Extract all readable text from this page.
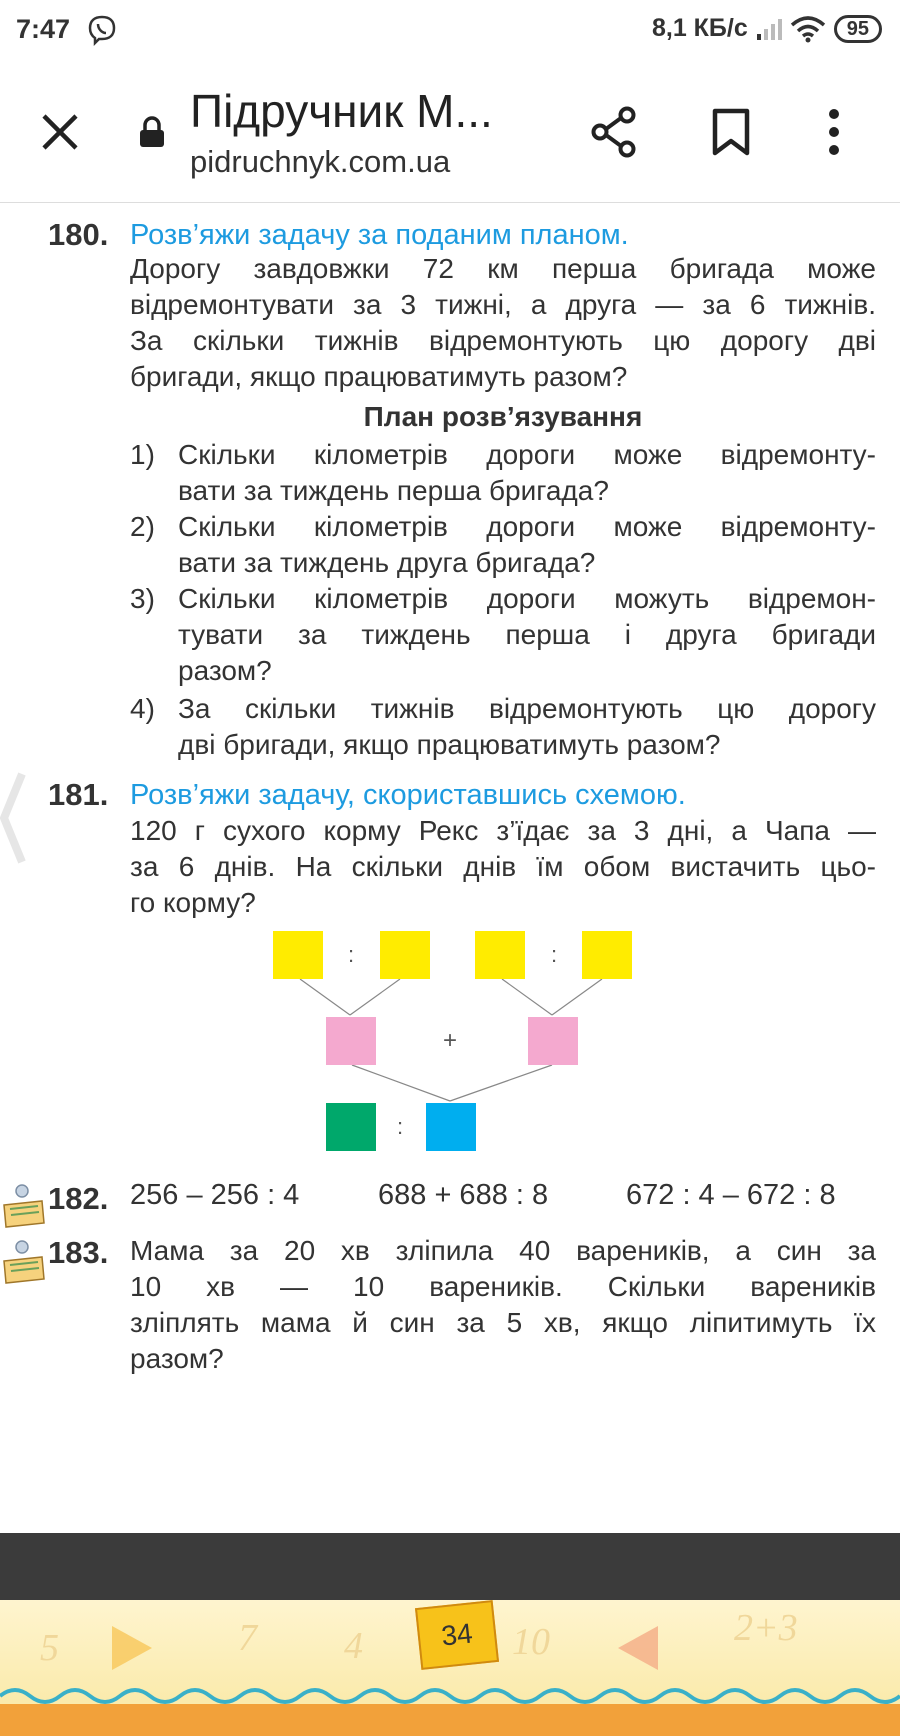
7:47	8,1 КБ/с	95
Підручник М...
pidruchnyk.com.ua
180. Розв’яжи задачу за поданим планом.
Дорогу завдовжки 72 км перша бригада може
відремонтувати за 3 тижні, а друга — за 6 тижнів.
За скільки тижнів відремонтують цю дорогу дві
бригади, якщо працюватимуть разом?
План розв’язування
1) Скільки кілометрів дороги може відремонту-
вати за тиждень перша бригада?
2) Скільки кілометрів дороги може відремонту-
вати за тиждень друга бригада?
3) Скільки кілометрів дороги можуть відремон-
тувати за тиждень перша і друга бригади
разом?
4) За скільки тижнів відремонтують цю дорогу
дві бригади, якщо працюватимуть разом?
181. Розв’яжи задачу, скориставшись схемою.
120 г сухого корму Рекс з’їдає за 3 дні, а Чапа —
за 6 днів. На скільки днів їм обом вистачить цьо-
го корму?
:	:
+
:
182. 256 – 256 : 4	688 + 688 : 8	672 : 4 – 672 : 8
183. Мама за 20 хв зліпила 40 вареників, а син за
10 хв — 10 вареників. Скільки вареників
зліплять мама й син за 5 хв, якщо ліпитимуть їх
разом?
5	7 4	34 10	2+3
